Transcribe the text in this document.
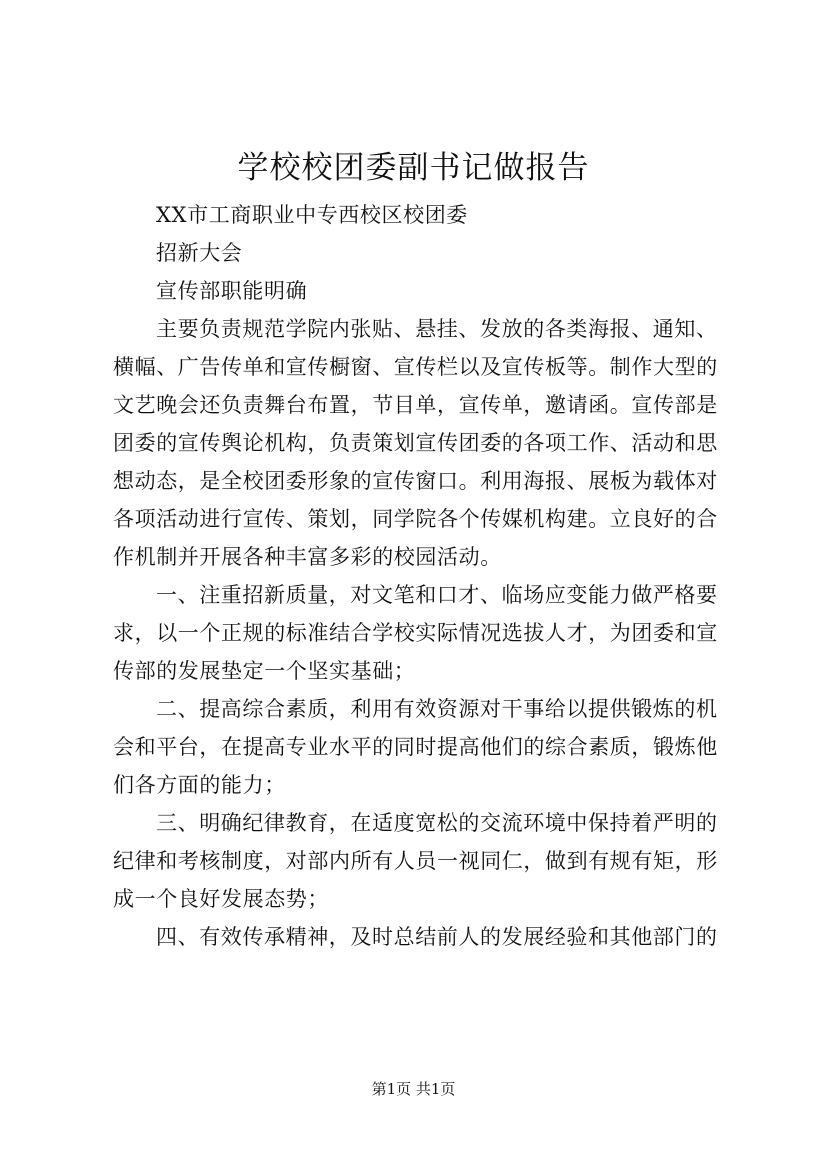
学校校团委副书记做报告
XX市工商职业中专西校区校团委
招新大会
宣传部职能明确
主要负责规范学院内张贴、悬挂、发放的各类海报、通知、
横幅、广告传单和宣传橱窗、宣传栏以及宣传板等。制作大型的
文艺晚会还负责舞台布置，节目单，宣传单，邀请函。宣传部是
团委的宣传舆论机构，负责策划宣传团委的各项工作、活动和思
想动态，是全校团委形象的宣传窗口。利用海报、展板为载体对
各项活动进行宣传、策划，同学院各个传媒机构建。立良好的合
作机制并开展各种丰富多彩的校园活动。
一、注重招新质量，对文笔和口才、临场应变能力做严格要
求，以一个正规的标准结合学校实际情况选拔人才，为团委和宣
传部的发展垫定一个坚实基础；
二、提高综合素质，利用有效资源对干事给以提供锻炼的机
会和平台，在提高专业水平的同时提高他们的综合素质，锻炼他
们各方面的能力；
三、明确纪律教育，在适度宽松的交流环境中保持着严明的
纪律和考核制度，对部内所有人员一视同仁，做到有规有矩，形
成一个良好发展态势；
四、有效传承精神，及时总结前人的发展经验和其他部门的
第1页 共1页
